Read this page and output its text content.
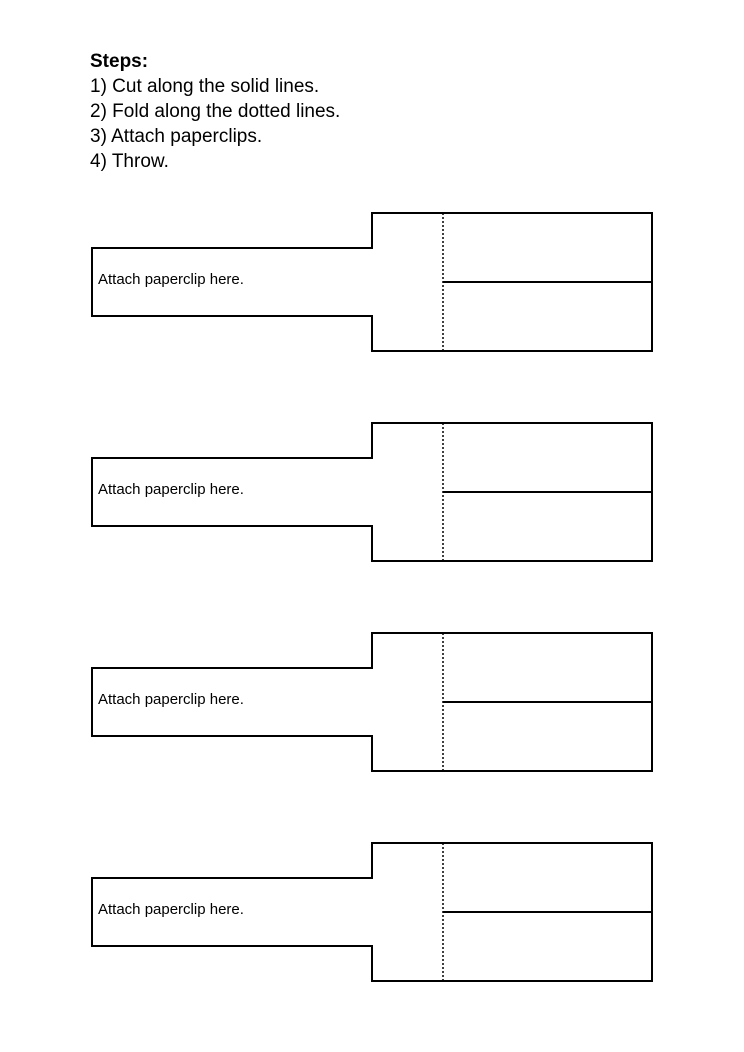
Steps:
1) Cut along the solid lines.
2) Fold along the dotted lines.
3) Attach paperclips.
4) Throw.
Attach paperclip here.
Attach paperclip here.
Attach paperclip here.
Attach paperclip here.
